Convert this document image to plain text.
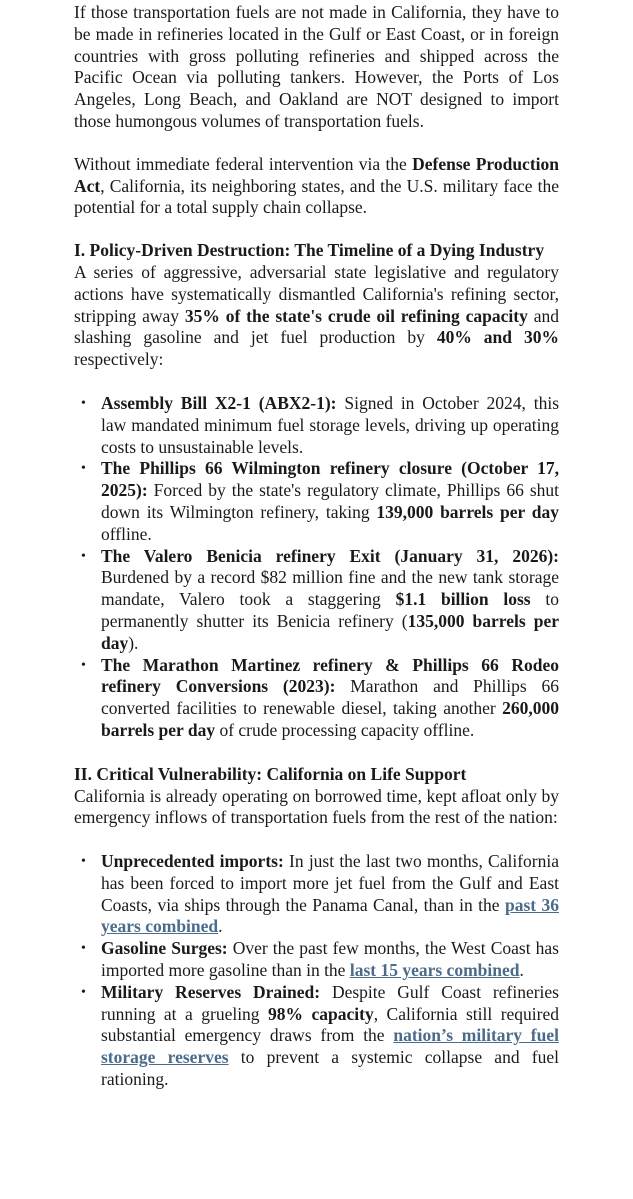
If those transportation fuels are not made in California, they have to be made in refineries located in the Gulf or East Coast, or in foreign countries with gross polluting refineries and shipped across the Pacific Ocean via polluting tankers. However, the Ports of Los Angeles, Long Beach, and Oakland are NOT designed to import those humongous volumes of transportation fuels.

Without immediate federal intervention via the Defense Production Act, California, its neighboring states, and the U.S. military face the potential for a total supply chain collapse.

I. Policy-Driven Destruction: The Timeline of a Dying Industry

A series of aggressive, adversarial state legislative and regulatory actions have systematically dismantled California's refining sector, stripping away 35% of the state's crude oil refining capacity and slashing gasoline and jet fuel production by 40% and 30% respectively:

• Assembly Bill X2-1 (ABX2-1): Signed in October 2024, this law mandated minimum fuel storage levels, driving up operating costs to unsustainable levels.
• The Phillips 66 Wilmington refinery closure (October 17, 2025): Forced by the state's regulatory climate, Phillips 66 shut down its Wilmington refinery, taking 139,000 barrels per day offline.
• The Valero Benicia refinery Exit (January 31, 2026): Burdened by a record $82 million fine and the new tank storage mandate, Valero took a staggering $1.1 billion loss to permanently shutter its Benicia refinery (135,000 barrels per day).
• The Marathon Martinez refinery & Phillips 66 Rodeo refinery Conversions (2023): Marathon and Phillips 66 converted facilities to renewable diesel, taking another 260,000 barrels per day of crude processing capacity offline.
II. Critical Vulnerability: California on Life Support

California is already operating on borrowed time, kept afloat only by emergency inflows of transportation fuels from the rest of the nation:

• Unprecedented imports: In just the last two months, California has been forced to import more jet fuel from the Gulf and East Coasts, via ships through the Panama Canal, than in the past 36 years combined.
• Gasoline Surges: Over the past few months, the West Coast has imported more gasoline than in the last 15 years combined.
• Military Reserves Drained: Despite Gulf Coast refineries running at a grueling 98% capacity, California still required substantial emergency draws from the nation’s military fuel storage reserves to prevent a systemic collapse and fuel rationing.
